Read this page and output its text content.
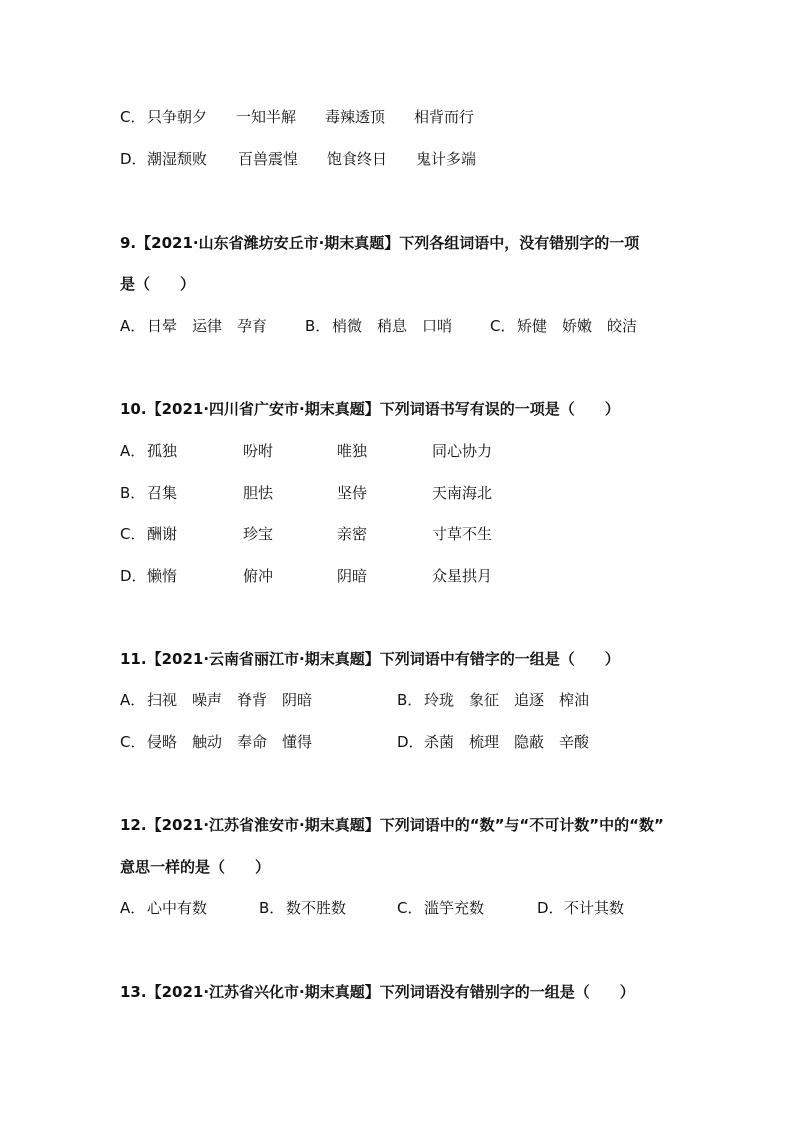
C． 只争朝夕 一知半解 毒辣透顶 相背而行
D． 潮湿颓败 百兽震惶 饱食终日 鬼计多端
9.【2021·山东省潍坊安丘市·期末真题】下列各组词语中，没有错别字的一项
是（　　）
A． 日晕 运律 孕育	B． 梢微 稍息 口哨	C． 矫健 娇嫩 皎洁
10.【2021·四川省广安市·期末真题】下列词语书写有误的一项是（　　）
A． 孤独	吩咐	唯独	同心协力
B． 召集	胆怯	坚侍	天南海北
C． 酬谢	珍宝	亲密	寸草不生
D． 懒惰	俯冲	阴暗	众星拱月
11.【2021·云南省丽江市·期末真题】下列词语中有错字的一组是（　　）
A． 扫视 噪声 脊背 阴暗	B． 玲珑 象征 追逐 榨油
C． 侵略 触动 奉命 懂得	D． 杀菌 梳理 隐蔽 辛酸
12.【2021·江苏省淮安市·期末真题】下列词语中的“数”与“不可计数”中的“数”
意思一样的是（　　）
A． 心中有数	B． 数不胜数	C． 滥竽充数	D． 不计其数
13.【2021·江苏省兴化市·期末真题】下列词语没有错别字的一组是（　　）
